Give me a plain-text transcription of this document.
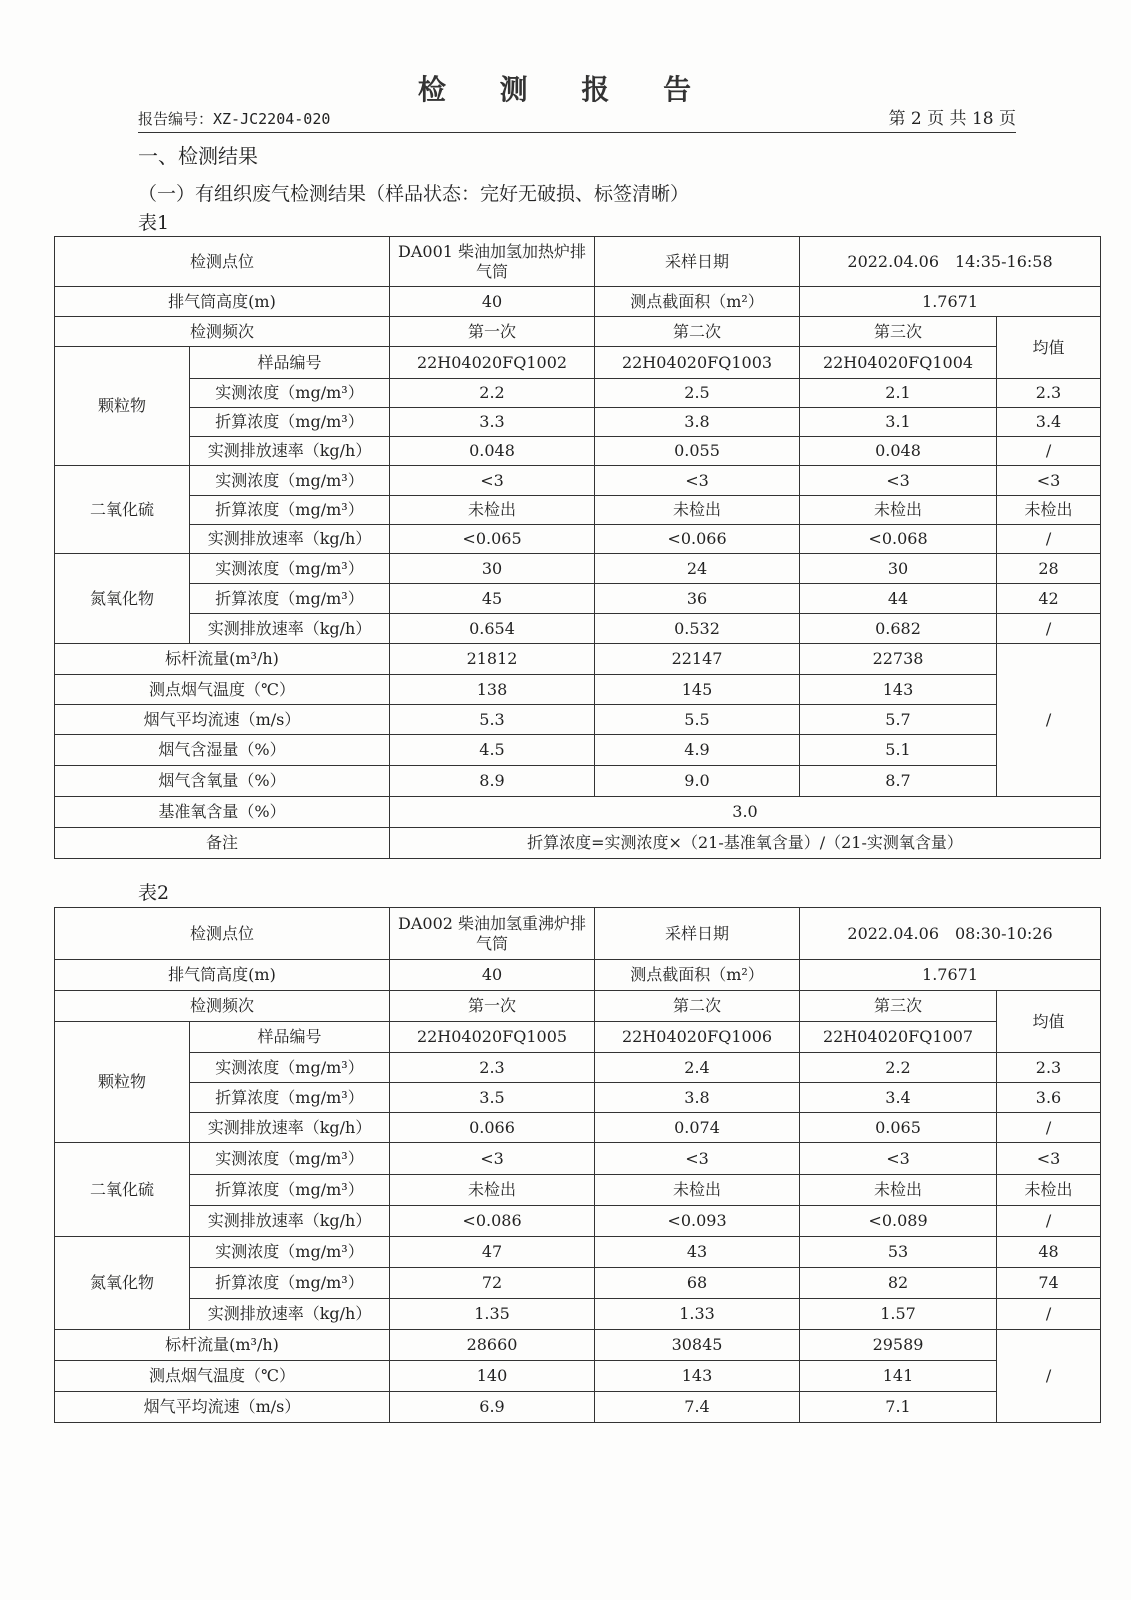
检 测 报 告
报告编号：XZ-JC2204-020	第 2 页 共 18 页
一、检测结果
（一）有组织废气检测结果（样品状态：完好无破损、标签清晰）
表1
检测点位		DA001 柴油加氢加热炉排气筒	采样日期	2022.04.06　14:35-16:58	
排气筒高度(m)		40	测点截面积（m²）	1.7671	
检测频次		第一次	第二次	第三次	均值
颗粒物	样品编号	22H04020FQ1002	22H04020FQ1003	22H04020FQ1004	
	实测浓度（mg/m³）	2.2	2.5	2.1	2.3
	折算浓度（mg/m³）	3.3	3.8	3.1	3.4
	实测排放速率（kg/h）	0.048	0.055	0.048	/
二氧化硫	实测浓度（mg/m³）	<3	<3	<3	<3
	折算浓度（mg/m³）	未检出	未检出	未检出	未检出
	实测排放速率（kg/h）	<0.065	<0.066	<0.068	/
氮氧化物	实测浓度（mg/m³）	30	24	30	28
	折算浓度（mg/m³）	45	36	44	42
	实测排放速率（kg/h）	0.654	0.532	0.682	/
标杆流量(m³/h)		21812	22147	22738	/
测点烟气温度（℃）		138	145	143	
烟气平均流速（m/s）		5.3	5.5	5.7	
烟气含湿量（%）		4.5	4.9	5.1	
烟气含氧量（%）		8.9	9.0	8.7	
基准氧含量（%）		3.0			
备注		折算浓度=实测浓度×（21-基准氧含量）/（21-实测氧含量）			
表2
检测点位		DA002 柴油加氢重沸炉排气筒	采样日期	2022.04.06　08:30-10:26	
排气筒高度(m)		40	测点截面积（m²）	1.7671	
检测频次		第一次	第二次	第三次	均值
颗粒物	样品编号	22H04020FQ1005	22H04020FQ1006	22H04020FQ1007	
	实测浓度（mg/m³）	2.3	2.4	2.2	2.3
	折算浓度（mg/m³）	3.5	3.8	3.4	3.6
	实测排放速率（kg/h）	0.066	0.074	0.065	/
二氧化硫	实测浓度（mg/m³）	<3	<3	<3	<3
	折算浓度（mg/m³）	未检出	未检出	未检出	未检出
	实测排放速率（kg/h）	<0.086	<0.093	<0.089	/
氮氧化物	实测浓度（mg/m³）	47	43	53	48
	折算浓度（mg/m³）	72	68	82	74
	实测排放速率（kg/h）	1.35	1.33	1.57	/
标杆流量(m³/h)		28660	30845	29589	/
测点烟气温度（℃）		140	143	141	
烟气平均流速（m/s）		6.9	7.4	7.1	
